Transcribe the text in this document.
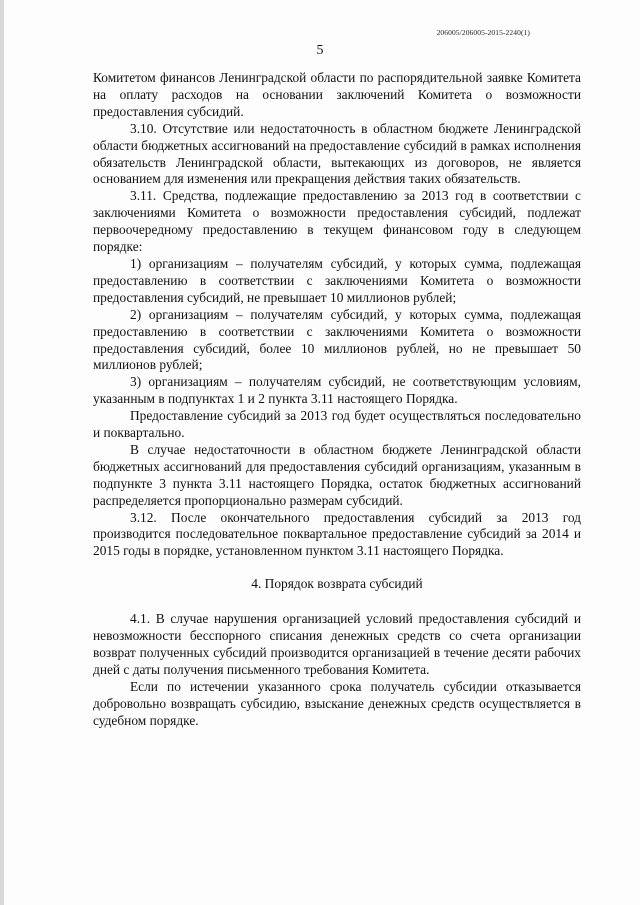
206005/206005-2015-2240(1)
5

Комитетом финансов Ленинградской области по распорядительной заявке Комитета на оплату расходов на основании заключений Комитета о возможности предоставления субсидий.

3.10. Отсутствие или недостаточность в областном бюджете Ленинградской области бюджетных ассигнований на предоставление субсидий в рамках исполнения обязательств Ленинградской области, вытекающих из договоров, не является основанием для изменения или прекращения действия таких обязательств.

3.11. Средства, подлежащие предоставлению за 2013 год в соответствии с заключениями Комитета о возможности предоставления субсидий, подлежат первоочередному предоставлению в текущем финансовом году в следующем порядке:

1) организациям – получателям субсидий, у которых сумма, подлежащая предоставлению в соответствии с заключениями Комитета о возможности предоставления субсидий, не превышает 10 миллионов рублей;

2) организациям – получателям субсидий, у которых сумма, подлежащая предоставлению в соответствии с заключениями Комитета о возможности предоставления субсидий, более 10 миллионов рублей, но не превышает 50 миллионов рублей;

3) организациям – получателям субсидий, не соответствующим условиям, указанным в подпунктах 1 и 2 пункта 3.11 настоящего Порядка.

Предоставление субсидий за 2013 год будет осуществляться последовательно и поквартально.

В случае недостаточности в областном бюджете Ленинградской области бюджетных ассигнований для предоставления субсидий организациям, указанным в подпункте 3 пункта 3.11 настоящего Порядка, остаток бюджетных ассигнований распределяется пропорционально размерам субсидий.

3.12. После окончательного предоставления субсидий за 2013 год производится последовательное поквартальное предоставление субсидий за 2014 и 2015 годы в порядке, установленном пунктом 3.11 настоящего Порядка.

4. Порядок возврата субсидий

4.1. В случае нарушения организацией условий предоставления субсидий и невозможности бесспорного списания денежных средств со счета организации возврат полученных субсидий производится организацией в течение десяти рабочих дней с даты получения письменного требования Комитета.

Если по истечении указанного срока получатель субсидии отказывается добровольно возвращать субсидию, взыскание денежных средств осуществляется в судебном порядке.
